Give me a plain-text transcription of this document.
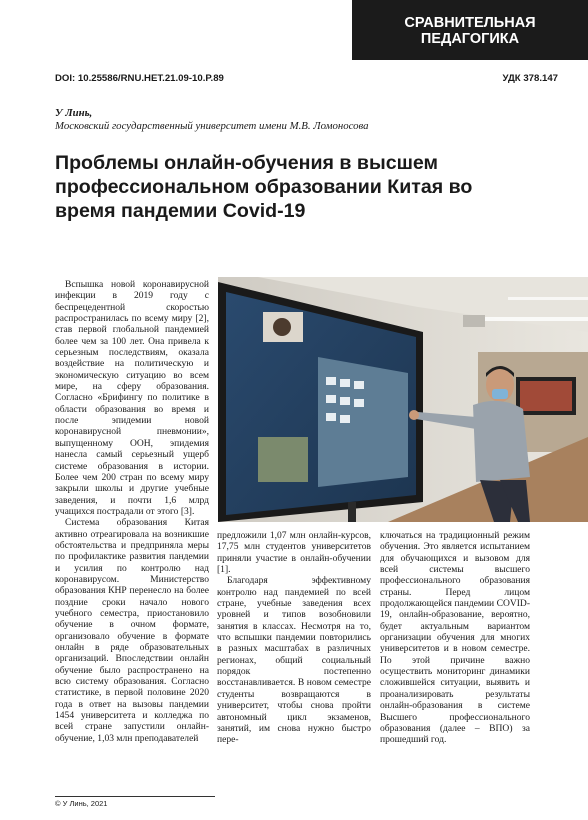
СРАВНИТЕЛЬНАЯ
ПЕДАГОГИКА
DOI: 10.25586/RNU.HET.21.09-10.P.89	УДК 378.147
У Линь,
Московский государственный университет имени М.В. Ломоносова
Проблемы онлайн-обучения в высшем профессиональном образовании Китая во время пандемии Covid-19

Вспышка новой коронавирусной инфекции в 2019 году с беспрецедентной скоростью распространилась по всему миру [2], став первой глобальной пандемией более чем за 100 лет. Она привела к серьезным последствиям, оказала воздействие на политическую и экономическую ситуацию во всем мире, на сферу образования. Согласно «Брифингу по политике в области образования во время и после эпидемии новой коронавирусной пневмонии», выпущенному ООН, эпидемия нанесла самый серьезный ущерб системе образования в истории. Более чем 200 стран по всему миру закрыли школы и другие учебные заведения, и почти 1,6 млрд учащихся пострадали от этого [3].

Система образования Китая активно отреагировала на возникшие обстоятельства и предприняла меры по профилактике развития пандемии и усилия по контролю над коронавирусом. Министерство образования КНР перенесло на более поздние сроки начало нового учебного семестра, приостановило обучение в очном формате, организовало обучение в формате онлайн в ряде образовательных организаций. Впоследствии онлайн обучение было распространено на всю систему образования. Согласно статистике, в первой половине 2020 года в ответ на вызовы пандемии 1454 университета и колледжа по всей стране запустили онлайн-обучение, 1,03 млн преподавателей

предложили 1,07 млн онлайн-курсов, 17,75 млн студентов университетов приняли участие в онлайн-обучении [1].

Благодаря эффективному контролю над пандемией по всей стране, учебные заведения всех уровней и типов возобновили занятия в классах. Несмотря на то, что вспышки пандемии повторились в разных масштабах в различных регионах, общий социальный порядок постепенно восстанавливается. В новом семестре студенты возвращаются в университет, чтобы снова пройти автономный цикл экзаменов, занятий, им снова нужно быстро пере-

ключаться на традиционный режим обучения. Это является испытанием для обучающихся и вызовом для всей системы высшего профессионального образования страны. Перед лицом продолжающейся пандемии COVID-19, онлайн-образование, вероятно, будет актуальным вариантом организации обучения для многих университетов и в новом семестре. По этой причине важно осуществить мониторинг динамики сложившейся ситуации, выявить и проанализировать результаты онлайн-образования в системе Высшего профессионального образования (далее – ВПО) за прошедший год.

© У Линь, 2021
